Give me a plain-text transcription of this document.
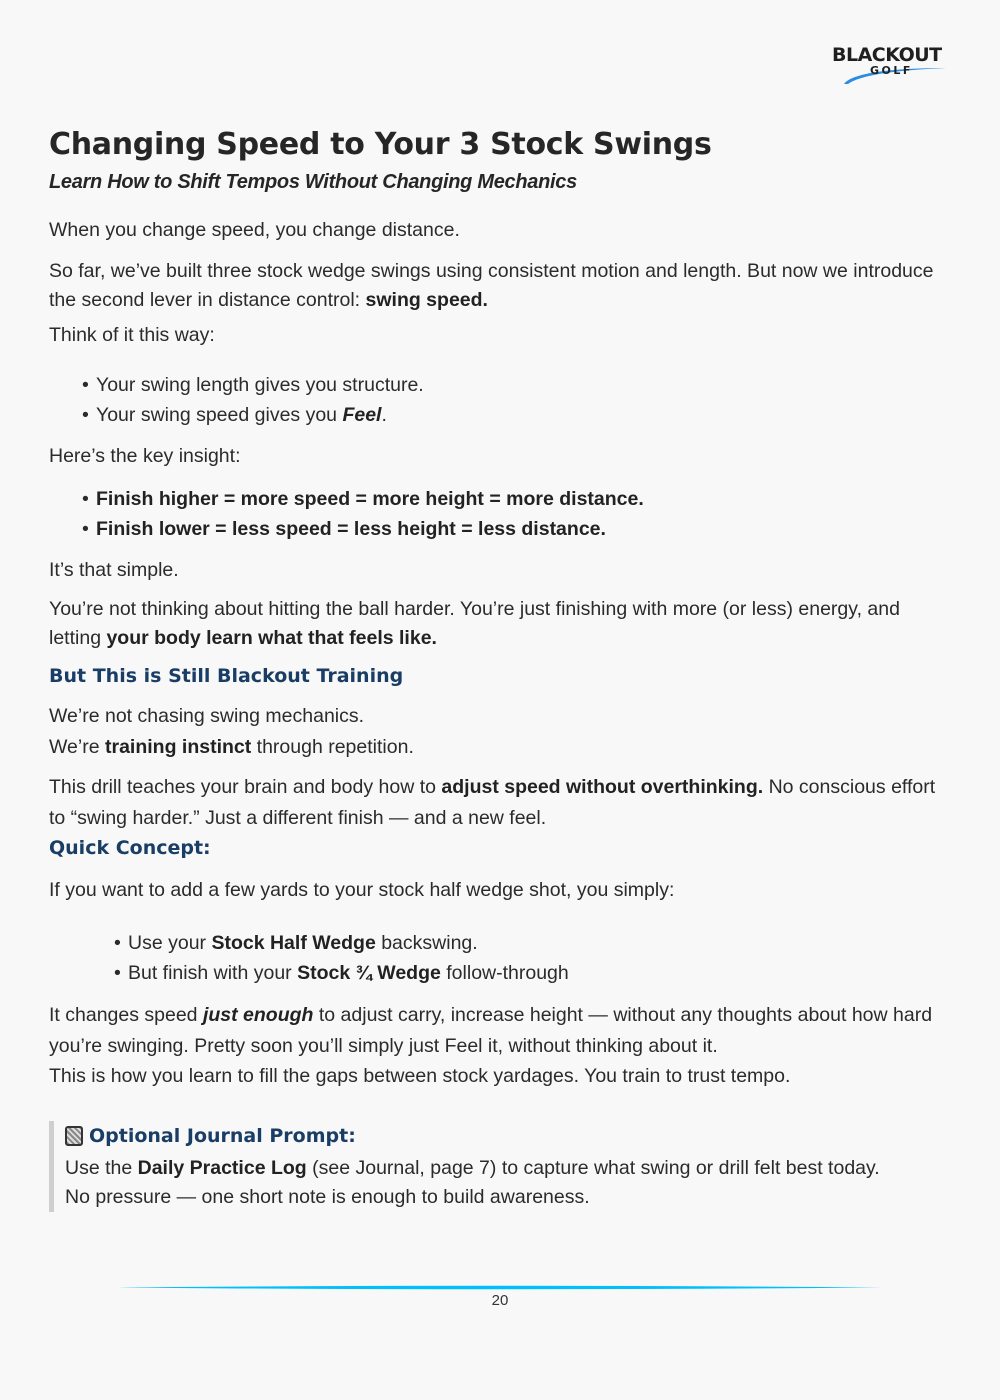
BLACKOUT
GOLF
Changing Speed to Your 3 Stock Swings
Learn How to Shift Tempos Without Changing Mechanics

When you change speed, you change distance.

So far, we’ve built three stock wedge swings using consistent motion and length. But now we introduce the second lever in distance control: swing speed.

Think of it this way:

• Your swing length gives you structure.
• Your swing speed gives you Feel.

Here’s the key insight:

• Finish higher = more speed = more height = more distance.
• Finish lower = less speed = less height = less distance.

It’s that simple.

You’re not thinking about hitting the ball harder. You’re just finishing with more (or less) energy, and letting your body learn what that feels like.

But This is Still Blackout Training

We’re not chasing swing mechanics.

We’re training instinct through repetition.

This drill teaches your brain and body how to adjust speed without overthinking. No conscious effort to “swing harder.” Just a different finish — and a new feel.

Quick Concept:

If you want to add a few yards to your stock half wedge shot, you simply:

• Use your Stock Half Wedge backswing.
• But finish with your Stock ¾ Wedge follow-through

It changes speed just enough to adjust carry, increase height — without any thoughts about how hard you’re swinging. Pretty soon you’ll simply just Feel it, without thinking about it.

This is how you learn to fill the gaps between stock yardages. You train to trust tempo.

Optional Journal Prompt:

Use the Daily Practice Log (see Journal, page 7) to capture what swing or drill felt best today.

No pressure — one short note is enough to build awareness.

20
